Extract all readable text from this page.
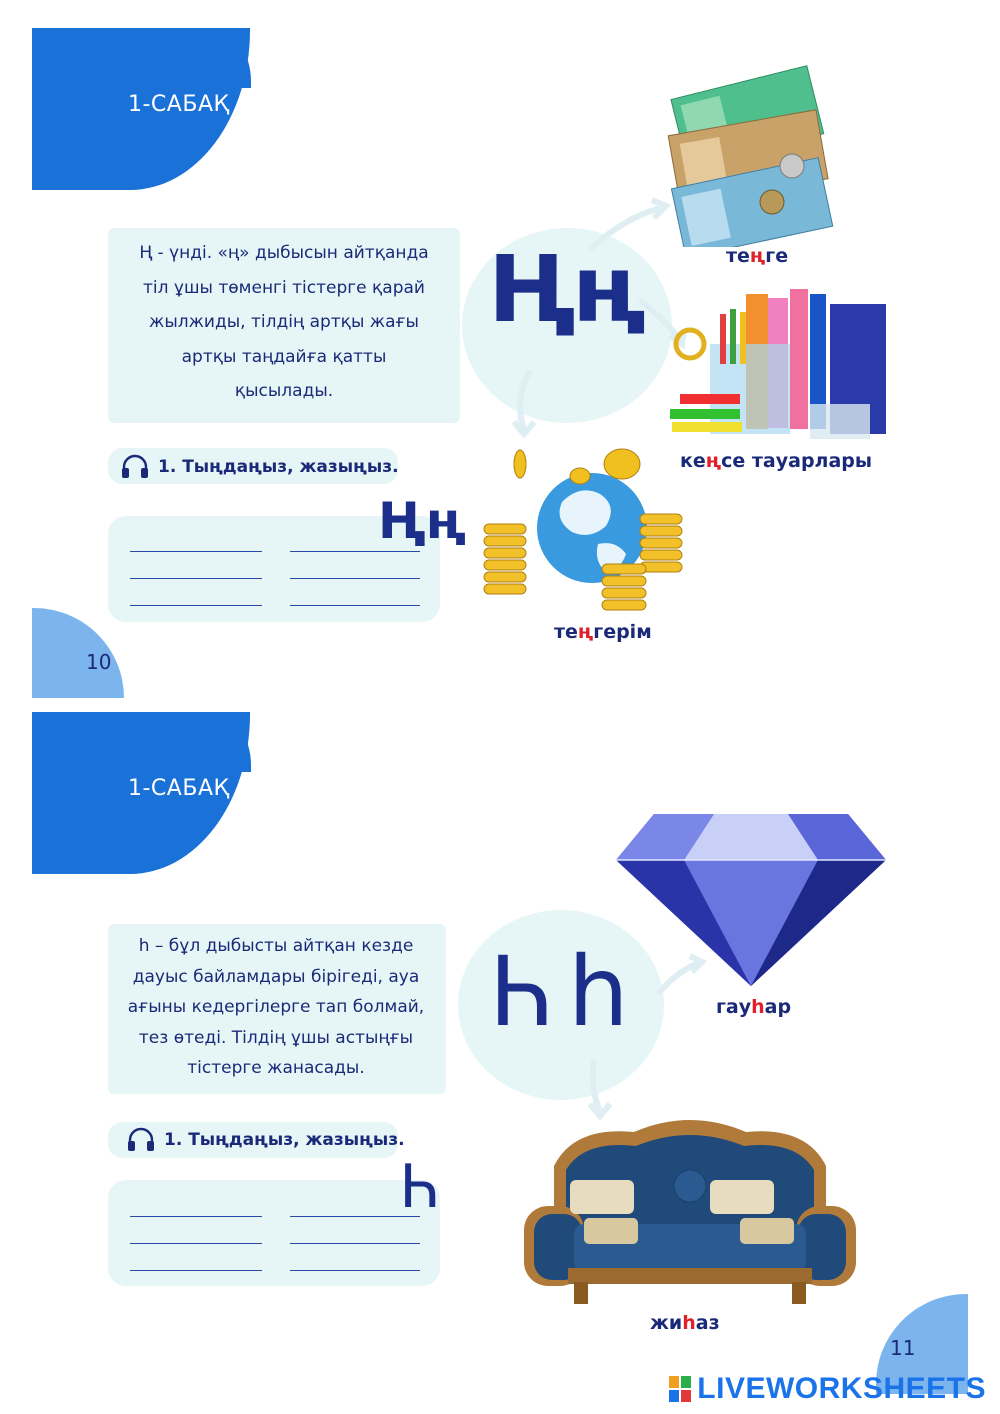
1-САБАҚ
Ң - үнді. «ң» дыбысын айтқанда
тіл ұшы төменгі тістерге қарай
жылжиды, тілдің артқы жағы
артқы таңдайға қатты
қысылады.
Ңң	теңге
кеңсе тауарлары
1. Тыңдаңыз, жазыңыз.
Ңң
теңгерім
10
1-САБАҚ
h – бұл дыбысты айтқан кезде
дауыс байламдары бірігеді, ауа
ағыны кедергілерге тап болмай,
тез өтеді. Тілдің ұшы астыңғы
тістерге жанасады.
Һһ	гауhар
1. Тыңдаңыз, жазыңыз.
Һ
жиhаз
11
LIVEWORKSHEETS
